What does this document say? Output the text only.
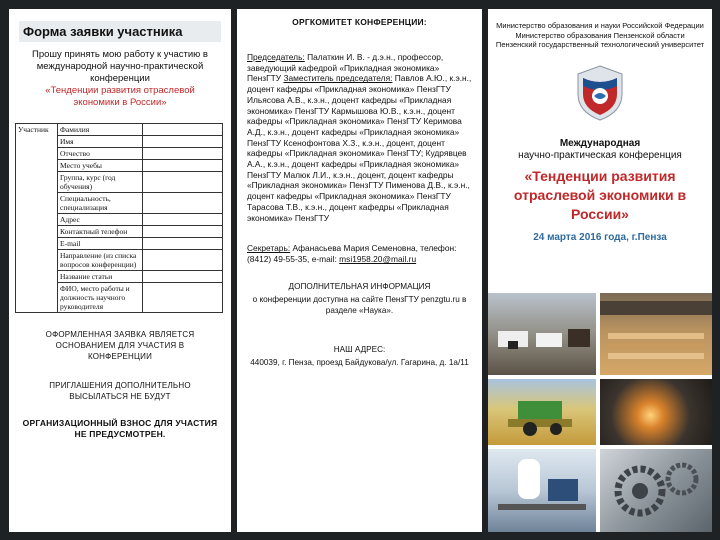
Форма заявки участника
Прошу принять мою работу к участию в международной научно-практической конференции
«Тенденции развития отраслевой экономики в России»
Участник	Фамилия	
	Имя	
	Отчество	
	Место учебы	
	Группа, курс (год обучения)	
	Специальность, специализация	
	Адрес	
	Контактный телефон	
	E-mail	
	Направление (из списка вопросов конференции)	
	Название статьи	
	ФИО, место работы и должность научного руководителя	
ОФОРМЛЕННАЯ ЗАЯВКА ЯВЛЯЕТСЯ ОСНОВАНИЕМ ДЛЯ УЧАСТИЯ В КОНФЕРЕНЦИИ
ПРИГЛАШЕНИЯ ДОПОЛНИТЕЛЬНО ВЫСЫЛАТЬСЯ НЕ БУДУТ
ОРГАНИЗАЦИОННЫЙ ВЗНОС ДЛЯ УЧАСТИЯ НЕ ПРЕДУСМОТРЕН.
ОРГКОМИТЕТ КОНФЕРЕНЦИИ:
Председатель: Палаткин И. В. - д.э.н., профессор, заведующий кафедрой «Прикладная экономика» ПензГТУ Заместитель председателя: Павлов А.Ю., к.э.н., доцент кафедры «Прикладная экономика» ПензГТУ Ильясова А.В., к.э.н., доцент кафедры «Прикладная экономика» ПензГТУ Кармышова Ю.В., к.э.н., доцент кафедры «Прикладная экономика» ПензГТУ Керимова А.Д., к.э.н., доцент кафедры «Прикладная экономика» ПензГТУ Ксенофонтова Х.З., к.э.н., доцент, доцент кафедры «Прикладная экономика» ПензГТУ; Кудрявцев А.А., к.э.н., доцент кафедры «Прикладная экономика» ПензГТУ Малюк Л.И., к.э.н., доцент, доцент кафедры «Прикладная экономика» ПензГТУ Пименова Д.В., к.э.н., доцент кафедры «Прикладная экономика» ПензГТУ Тарасова Т.В., к.э.н., доцент кафедры «Прикладная экономика» ПензГТУ
Секретарь: Афанасьева Мария Семеновна, телефон: (8412) 49-55-35, e-mail: msi1958.20@mail.ru
ДОПОЛНИТЕЛЬНАЯ ИНФОРМАЦИЯ
о конференции доступна на сайте ПензГТУ penzgtu.ru в разделе «Наука».
НАШ АДРЕС:
440039, г. Пенза, проезд Байдукова/ул. Гагарина, д. 1а/11
Министерство образования и науки Российской Федерации Министерство образования Пензенской области Пензенский государственный технологический университет
Международная
научно-практическая конференция
«Тенденции развития отраслевой экономики в России»
24 марта 2016 года, г.Пенза
